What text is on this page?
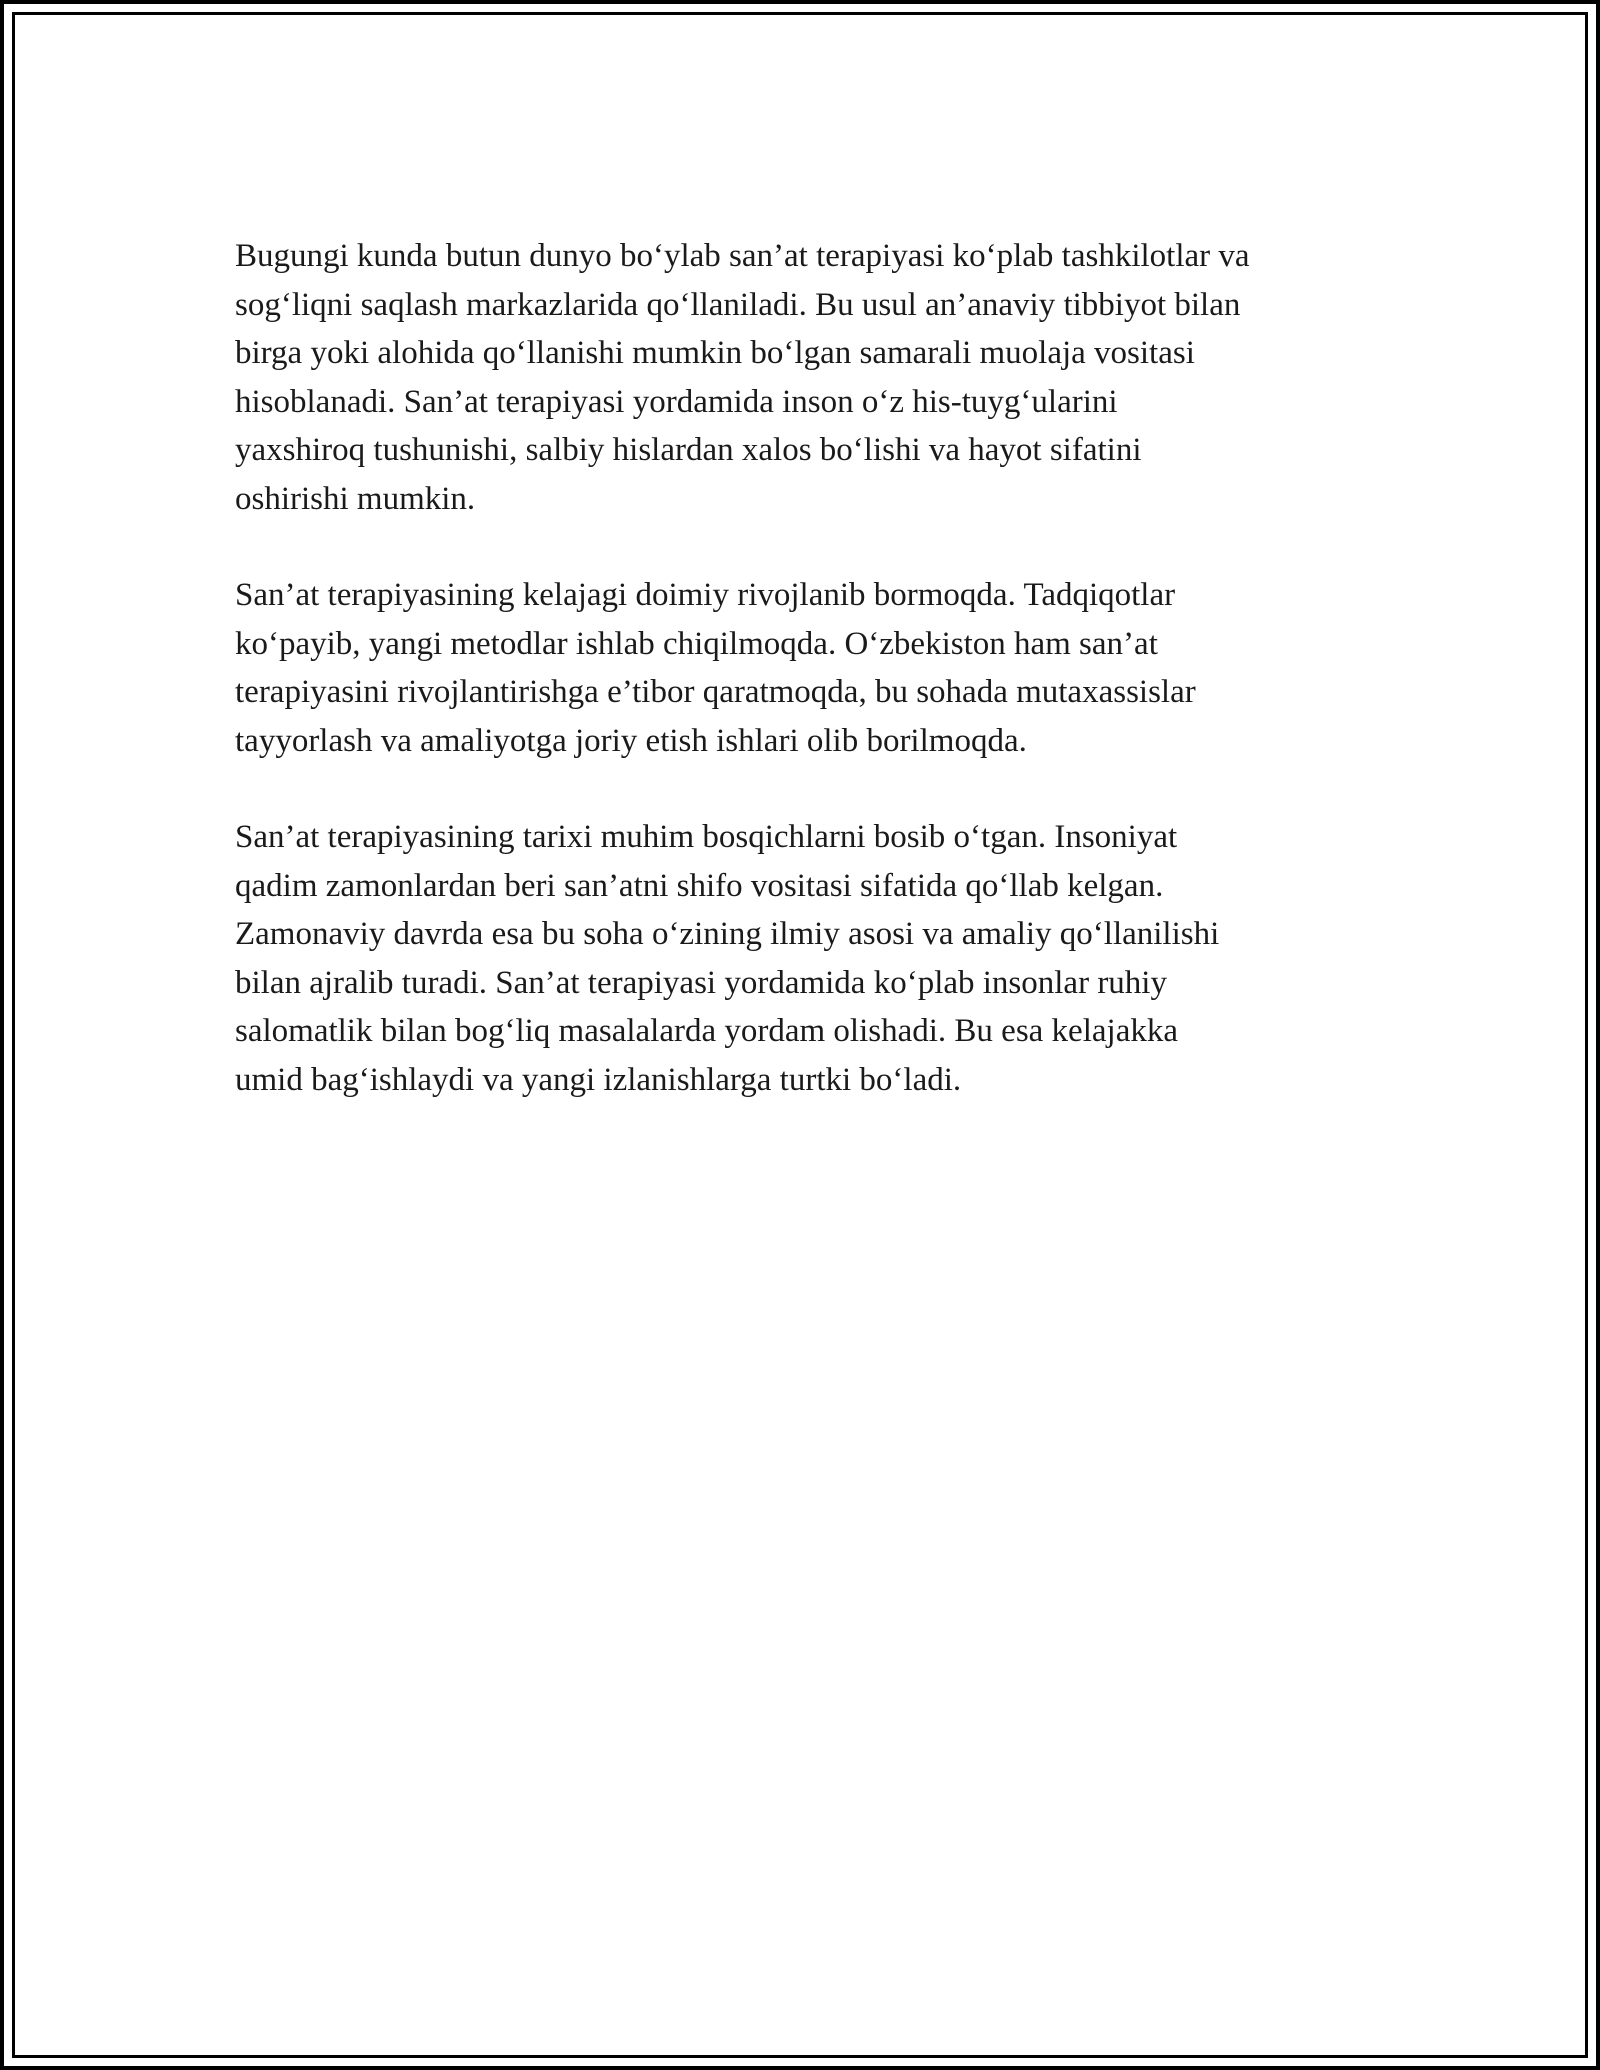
Bugungi kunda butun dunyo bo‘ylab san’at terapiyasi ko‘plab tashkilotlar va
sog‘liqni saqlash markazlarida qo‘llaniladi. Bu usul an’anaviy tibbiyot bilan
birga yoki alohida qo‘llanishi mumkin bo‘lgan samarali muolaja vositasi
hisoblanadi. San’at terapiyasi yordamida inson o‘z his-tuyg‘ularini
yaxshiroq tushunishi, salbiy hislardan xalos bo‘lishi va hayot sifatini
oshirishi mumkin.

San’at terapiyasining kelajagi doimiy rivojlanib bormoqda. Tadqiqotlar
ko‘payib, yangi metodlar ishlab chiqilmoqda. O‘zbekiston ham san’at
terapiyasini rivojlantirishga e’tibor qaratmoqda, bu sohada mutaxassislar
tayyorlash va amaliyotga joriy etish ishlari olib borilmoqda.

San’at terapiyasining tarixi muhim bosqichlarni bosib o‘tgan. Insoniyat
qadim zamonlardan beri san’atni shifo vositasi sifatida qo‘llab kelgan.
Zamonaviy davrda esa bu soha o‘zining ilmiy asosi va amaliy qo‘llanilishi
bilan ajralib turadi. San’at terapiyasi yordamida ko‘plab insonlar ruhiy
salomatlik bilan bog‘liq masalalarda yordam olishadi. Bu esa kelajakka
umid bag‘ishlaydi va yangi izlanishlarga turtki bo‘ladi.
